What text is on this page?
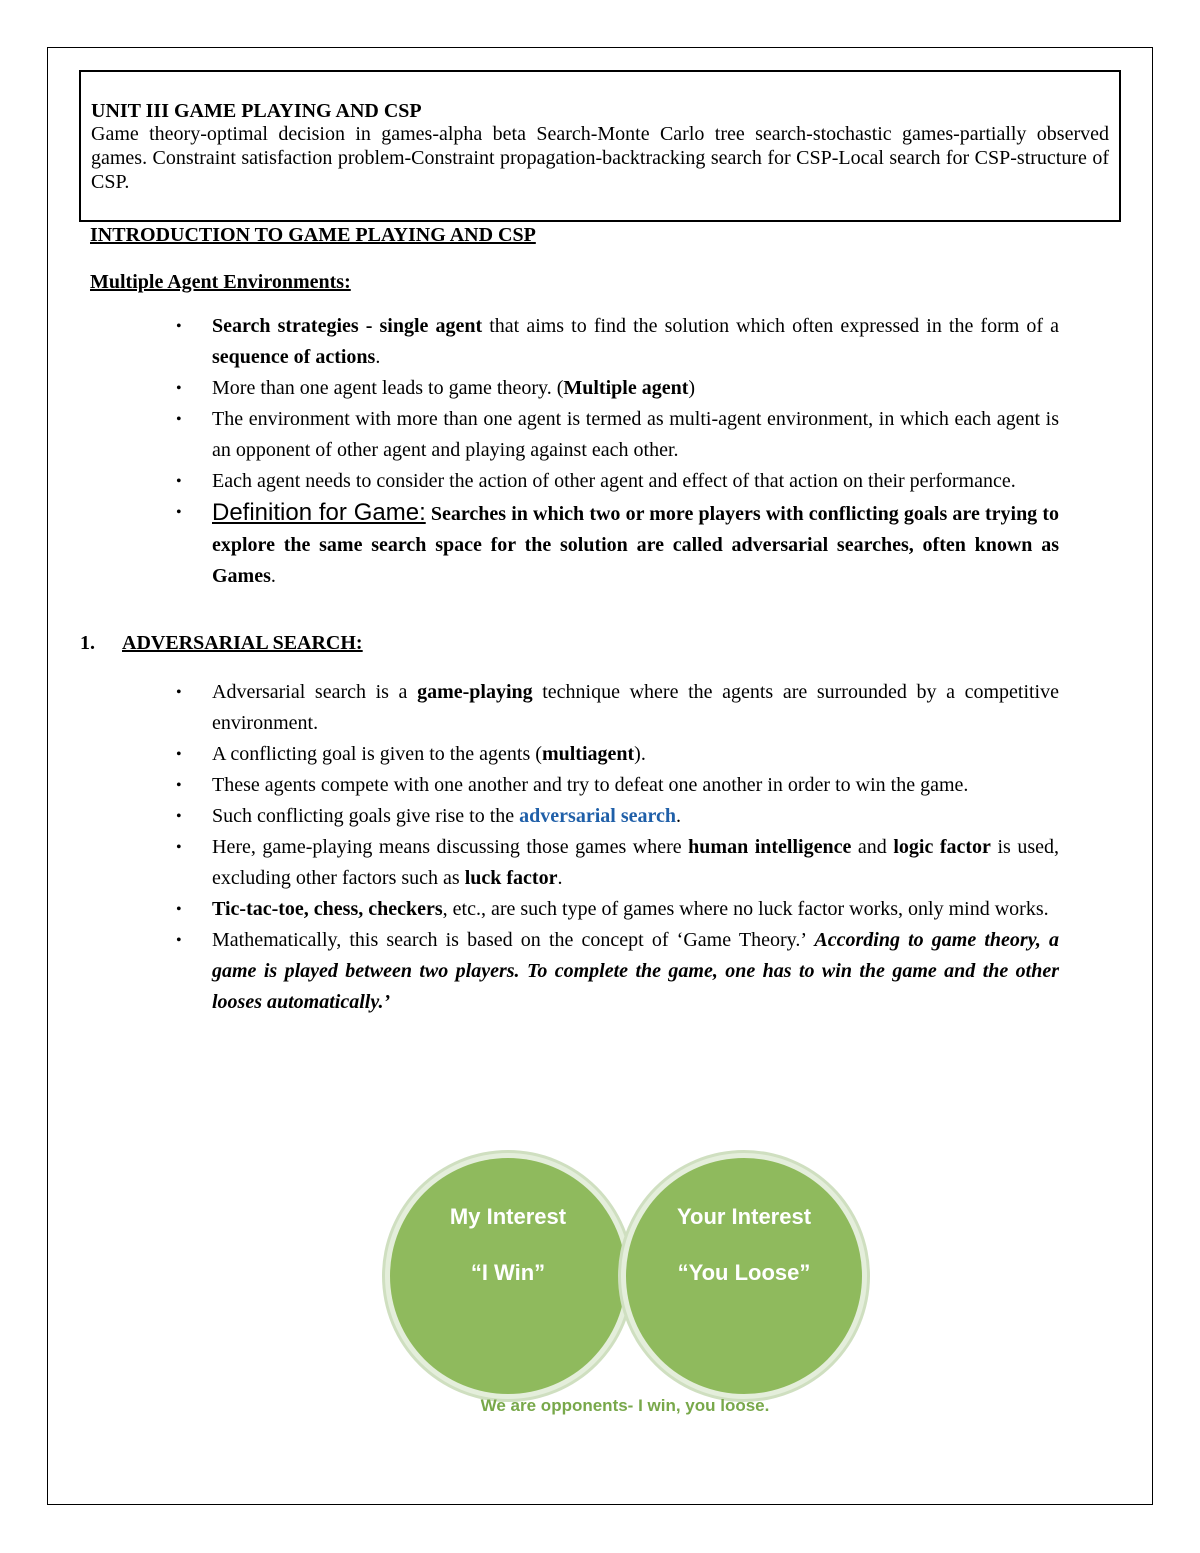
UNIT III GAME PLAYING AND CSP
Game theory-optimal decision in games-alpha beta Search-Monte Carlo tree search-stochastic games-partially observed games. Constraint satisfaction problem-Constraint propagation-backtracking search for CSP-Local search for CSP-structure of CSP.
INTRODUCTION TO GAME PLAYING AND CSP
Multiple Agent Environments:
• Search strategies - single agent that aims to find the solution which often expressed in the form of a sequence of actions.
• More than one agent leads to game theory. (Multiple agent)
• The environment with more than one agent is termed as multi-agent environment, in which each agent is an opponent of other agent and playing against each other.
• Each agent needs to consider the action of other agent and effect of that action on their performance.
• Definition for Game: Searches in which two or more players with conflicting goals are trying to explore the same search space for the solution are called adversarial searches, often known as Games.
1. ADVERSARIAL SEARCH:
• Adversarial search is a game-playing technique where the agents are surrounded by a competitive environment.
• A conflicting goal is given to the agents (multiagent).
• These agents compete with one another and try to defeat one another in order to win the game.
• Such conflicting goals give rise to the adversarial search.
• Here, game-playing means discussing those games where human intelligence and logic factor is used, excluding other factors such as luck factor.
• Tic-tac-toe, chess, checkers, etc., are such type of games where no luck factor works, only mind works.
• Mathematically, this search is based on the concept of ‘Game Theory.’ According to game theory, a game is played between two players. To complete the game, one has to win the game and the other looses automatically.’
My Interest
“I Win”
Your Interest
“You Loose”
We are opponents- I win, you loose.
